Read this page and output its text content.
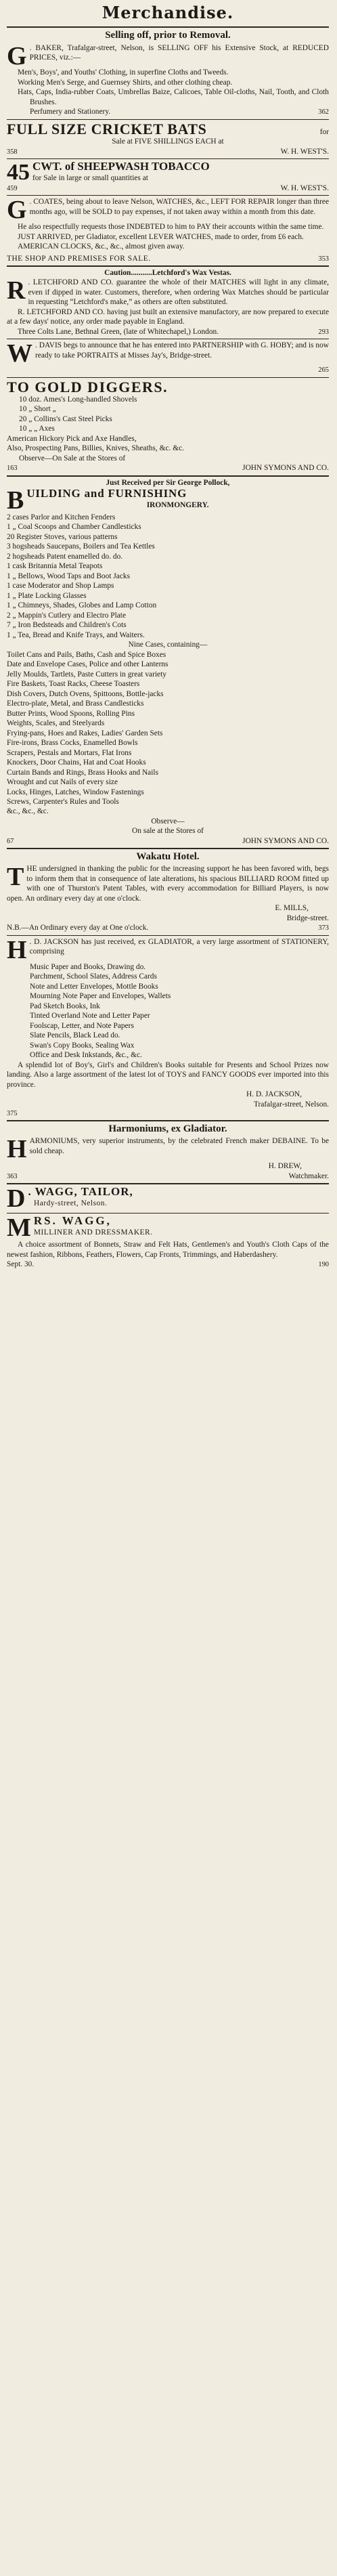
Merchandise.
Selling off, prior to Removal.
G . BAKER, Trafalgar-street, Nelson, is SELLING OFF his Extensive Stock, at REDUCED PRICES, viz.:—
Men's, Boys', and Youths' Clothing, in superfine Cloths and Tweeds.
Working Men's Serge, and Guernsey Shirts, and other clothing cheap.
Hats, Caps, India-rubber Coats, Umbrellas Baize, Calicoes, Table Oil-cloths, Nail, Tooth, and Cloth Brushes.
Perfumery and Stationery.	362
FULL SIZE CRICKET BATS	for
Sale at FIVE SHILLINGS EACH at
358	W. H. WEST'S.
45 CWT. of SHEEPWASH TOBACCO
for Sale in large or small quantities at
459	W. H. WEST'S.
G . COATES, being about to leave Nelson, WATCHES, &c., LEFT FOR REPAIR longer than three months ago, will be SOLD to pay expenses, if not taken away within a month from this date.
He also respectfully requests those INDEBTED to him to PAY their accounts within the same time.
JUST ARRIVED, per Gladiator, excellent LEVER WATCHES, made to order, from £6 each.
AMERICAN CLOCKS, &c., &c., almost given away.
THE SHOP AND PREMISES FOR SALE.	353
Caution...........Letchford's Wax Vestas.
R . LETCHFORD AND CO. guarantee the whole of their MATCHES will light in any climate, even if dipped in water. Customers, therefore, when ordering Wax Matches should be particular in requesting “Letchford's make,” as others are often substituted.
R. LETCHFORD AND CO. having just built an extensive manufactory, are now prepared to execute at a few days' notice, any order made payable in England.
Three Colts Lane, Bethnal Green, (late of Whitechapel,) London.	293
W . DAVIS begs to announce that he has entered into PARTNERSHIP with G. HOBY; and is now ready to take PORTRAITS at Misses Jay's, Bridge-street.
265
TO GOLD DIGGERS.
10 doz. Ames's Long-handled Shovels
10 „ Short „
20 „ Collins's Cast Steel Picks
10 „ „ Axes
American Hickory Pick and Axe Handles,
Also, Prospecting Pans, Billies, Knives, Sheaths, &c. &c.
Observe—On Sale at the Stores of
163	JOHN SYMONS AND CO.
Just Received per Sir George Pollock,
B UILDING and FURNISHING

IRONMONGERY.
2 cases Parlor and Kitchen Fenders
1 „ Coal Scoops and Chamber Candlesticks
20 Register Stoves, various patterns
3 hogsheads Saucepans, Boilers and Tea Kettles
2 hogsheads Patent enamelled do. do.
1 cask Britannia Metal Teapots
1 „ Bellows, Wood Taps and Boot Jacks
1 case Moderator and Shop Lamps
1 „ Plate Locking Glasses
1 „ Chimneys, Shades, Globes and Lamp Cotton
2 „ Mappin's Cutlery and Electro Plate
7 „ Iron Bedsteads and Children's Cots
1 „ Tea, Bread and Knife Trays, and Waiters.
Nine Cases, containing—
Toilet Cans and Pails, Baths, Cash and Spice Boxes
Date and Envelope Cases, Police and other Lanterns
Jelly Moulds, Tartlets, Paste Cutters in great variety
Fire Baskets, Toast Racks, Cheese Toasters
Dish Covers, Dutch Ovens, Spittoons, Bottle-jacks
Electro-plate, Metal, and Brass Candlesticks
Butter Prints, Wood Spoons, Rolling Pins
Weights, Scales, and Steelyards
Frying-pans, Hoes and Rakes, Ladies' Garden Sets
Fire-irons, Brass Cocks, Enamelled Bowls
Scrapers, Pestals and Mortars, Flat Irons
Knockers, Door Chains, Hat and Coat Hooks
Curtain Bands and Rings, Brass Hooks and Nails
Wrought and cut Nails of every size
Locks, Hinges, Latches, Window Fastenings
Screws, Carpenter's Rules and Tools
&c., &c., &c.
Observe—
On sale at the Stores of
67	JOHN SYMONS AND CO.
Wakatu Hotel.
T HE undersigned in thanking the public for the increasing support he has been favored with, begs to inform them that in consequence of late alterations, his spacious BILLIARD ROOM fitted up with one of Thurston's Patent Tables, with every accommodation for Billiard Players, is now open. An ordinary every day at one o'clock.
E. MILLS,
Bridge-street.
N.B.—An Ordinary every day at One o'clock.	373
H . D. JACKSON has just received, ex GLADIATOR, a very large assortment of STATIONERY, comprising
Music Paper and Books, Drawing do.
Parchment, School Slates, Address Cards
Note and Letter Envelopes, Mottle Books
Mourning Note Paper and Envelopes, Wallets
Pad Sketch Books, Ink
Tinted Overland Note and Letter Paper
Foolscap, Letter, and Note Papers
Slate Pencils, Black Lead do.
Swan's Copy Books, Sealing Wax
Office and Desk Inkstands, &c., &c.
A splendid lot of Boy's, Girl's and Children's Books suitable for Presents and School Prizes now landing. Also a large assortment of the latest lot of TOYS and FANCY GOODS ever imported into this province.
H. D. JACKSON,
Trafalgar-street, Nelson.
375
Harmoniums, ex Gladiator.
H ARMONIUMS, very superior instruments, by the celebrated French maker DEBAINE. To be sold cheap.
H. DREW,
363	Watchmaker.
D . WAGG, TAILOR,

Hardy-street, Nelson.
M RS. WAGG,

MILLINER AND DRESSMAKER.
A choice assortment of Bonnets, Straw and Felt Hats, Gentlemen's and Youth's Cloth Caps of the newest fashion, Ribbons, Feathers, Flowers, Cap Fronts, Trimmings, and Haberdashery.
Sept. 30.	190
